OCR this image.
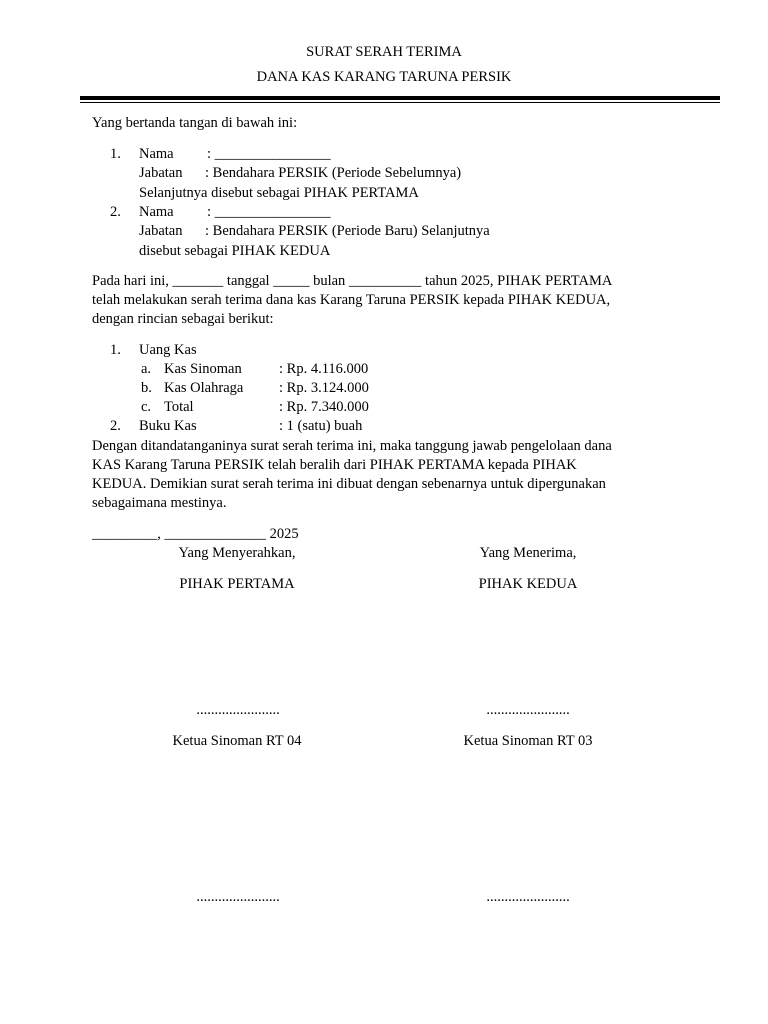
SURAT SERAH TERIMA
DANA KAS KARANG TARUNA PERSIK
Yang bertanda tangan di bawah ini:
1. Nama : ________________
Jabatan : Bendahara PERSIK (Periode Sebelumnya)
Selanjutnya disebut sebagai PIHAK PERTAMA
2. Nama : ________________
Jabatan : Bendahara PERSIK (Periode Baru) Selanjutnya
disebut sebagai PIHAK KEDUA
Pada hari ini, _______ tanggal _____ bulan __________ tahun 2025, PIHAK PERTAMA
telah melakukan serah terima dana kas Karang Taruna PERSIK kepada PIHAK KEDUA,
dengan rincian sebagai berikut:
1. Uang Kas
a. Kas Sinoman	: Rp. 4.116.000
b. Kas Olahraga : Rp. 3.124.000
c. Total	: Rp. 7.340.000
2. Buku Kas	: 1 (satu) buah
Dengan ditandatanganinya surat serah terima ini, maka tanggung jawab pengelolaan dana
KAS Karang Taruna PERSIK telah beralih dari PIHAK PERTAMA kepada PIHAK
KEDUA. Demikian surat serah terima ini dibuat dengan sebenarnya untuk dipergunakan
sebagaimana mestinya.
_________, ______________ 2025
Yang Menyerahkan,	Yang Menerima,
PIHAK PERTAMA	PIHAK KEDUA
.......................	.......................
Ketua Sinoman RT 04	Ketua Sinoman RT 03
.......................	.......................
